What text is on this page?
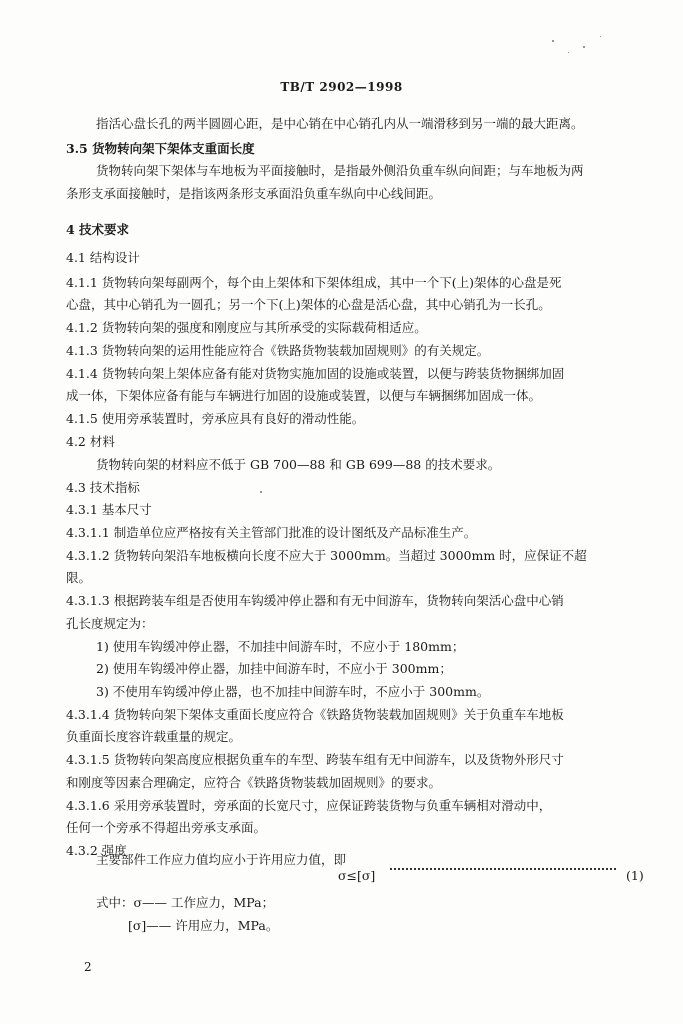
TB/T 2902—1998
指活心盘长孔的两半圆圆心距，是中心销在中心销孔内从一端滑移到另一端的最大距离。
3.5 货物转向架下架体支重面长度
货物转向架下架体与车地板为平面接触时，是指最外侧沿负重车纵向间距；与车地板为两
条形支承面接触时，是指该两条形支承面沿负重车纵向中心线间距。
4 技术要求
4.1 结构设计
4.1.1 货物转向架每副两个，每个由上架体和下架体组成，其中一个下(上)架体的心盘是死
心盘，其中心销孔为一圆孔；另一个下(上)架体的心盘是活心盘，其中心销孔为一长孔。
4.1.2 货物转向架的强度和刚度应与其所承受的实际载荷相适应。
4.1.3 货物转向架的运用性能应符合《铁路货物装载加固规则》的有关规定。
4.1.4 货物转向架上架体应备有能对货物实施加固的设施或装置，以便与跨装货物捆绑加固
成一体，下架体应备有能与车辆进行加固的设施或装置，以便与车辆捆绑加固成一体。
4.1.5 使用旁承装置时，旁承应具有良好的滑动性能。
4.2 材料
货物转向架的材料应不低于 GB 700—88 和 GB 699—88 的技术要求。
4.3 技术指标
4.3.1 基本尺寸
4.3.1.1 制造单位应严格按有关主管部门批准的设计图纸及产品标准生产。
4.3.1.2 货物转向架沿车地板横向长度不应大于 3000mm。当超过 3000mm 时，应保证不超
限。
4.3.1.3 根据跨装车组是否使用车钩缓冲停止器和有无中间游车，货物转向架活心盘中心销
孔长度规定为：
1) 使用车钩缓冲停止器，不加挂中间游车时，不应小于 180mm；
2) 使用车钩缓冲停止器，加挂中间游车时，不应小于 300mm；
3) 不使用车钩缓冲停止器，也不加挂中间游车时，不应小于 300mm。
4.3.1.4 货物转向架下架体支重面长度应符合《铁路货物装载加固规则》关于负重车车地板
负重面长度容许载重量的规定。
4.3.1.5 货物转向架高度应根据负重车的车型、跨装车组有无中间游车，以及货物外形尺寸
和刚度等因素合理确定，应符合《铁路货物装载加固规则》的要求。
4.3.1.6 采用旁承装置时，旁承面的长宽尺寸，应保证跨装货物与负重车辆相对滑动中，
任何一个旁承不得超出旁承支承面。
4.3.2 强度
主要部件工作应力值均应小于许用应力值，即
σ≤[σ]	(1)
式中：σ—— 工作应力，MPa；
[σ]—— 许用应力，MPa。
2
